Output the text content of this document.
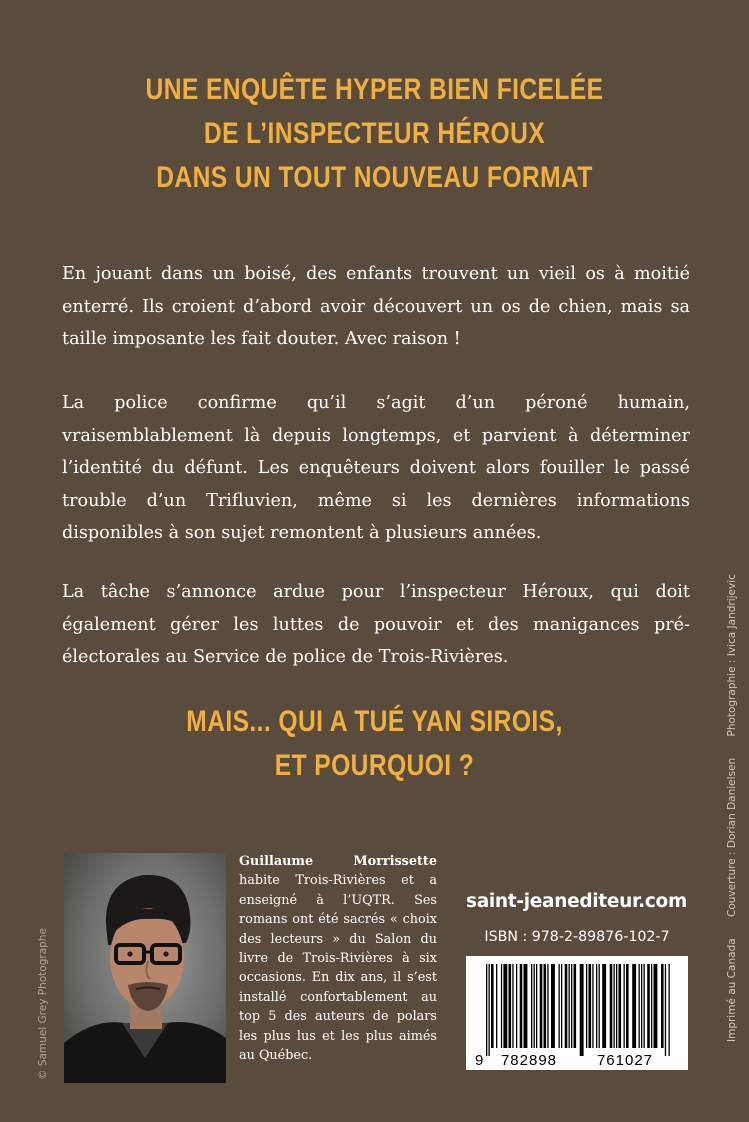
UNE ENQUÊTE HYPER BIEN FICELÉE
DE L’INSPECTEUR HÉROUX
DANS UN TOUT NOUVEAU FORMAT

En jouant dans un boisé, des enfants trouvent un vieil os à moitié enterré. Ils croient d’abord avoir découvert un os de chien, mais sa taille imposante les fait douter. Avec raison !

La police confirme qu’il s’agit d’un péroné humain, vraisemblablement là depuis longtemps, et parvient à déterminer l’identité du défunt. Les enquêteurs doivent alors fouiller le passé trouble d’un Trifluvien, même si les dernières informations disponibles à son sujet remontent à plusieurs années.

La tâche s’annonce ardue pour l’inspecteur Héroux, qui doit également gérer les luttes de pouvoir et des manigances pré-électorales au Service de police de Trois-Rivières.

MAIS... QUI A TUÉ YAN SIROIS,
ET POURQUOI ?
© Samuel Grey Photographe

Guillaume Morrissette habite Trois-Rivières et a enseigné à l’UQTR. Ses romans ont été sacrés « choix des lecteurs » du Salon du livre de Trois-Rivières à six occasions. En dix ans, il s’est installé confortablement au top 5 des auteurs de polars les plus lus et les plus aimés au Québec.

saint-jeanediteur.com
ISBN : 978-2-89876-102-7
9 782898	761027
Imprimé au Canada Couverture : Dorian Danielsen Photographie : Ivica Jandrijevic
